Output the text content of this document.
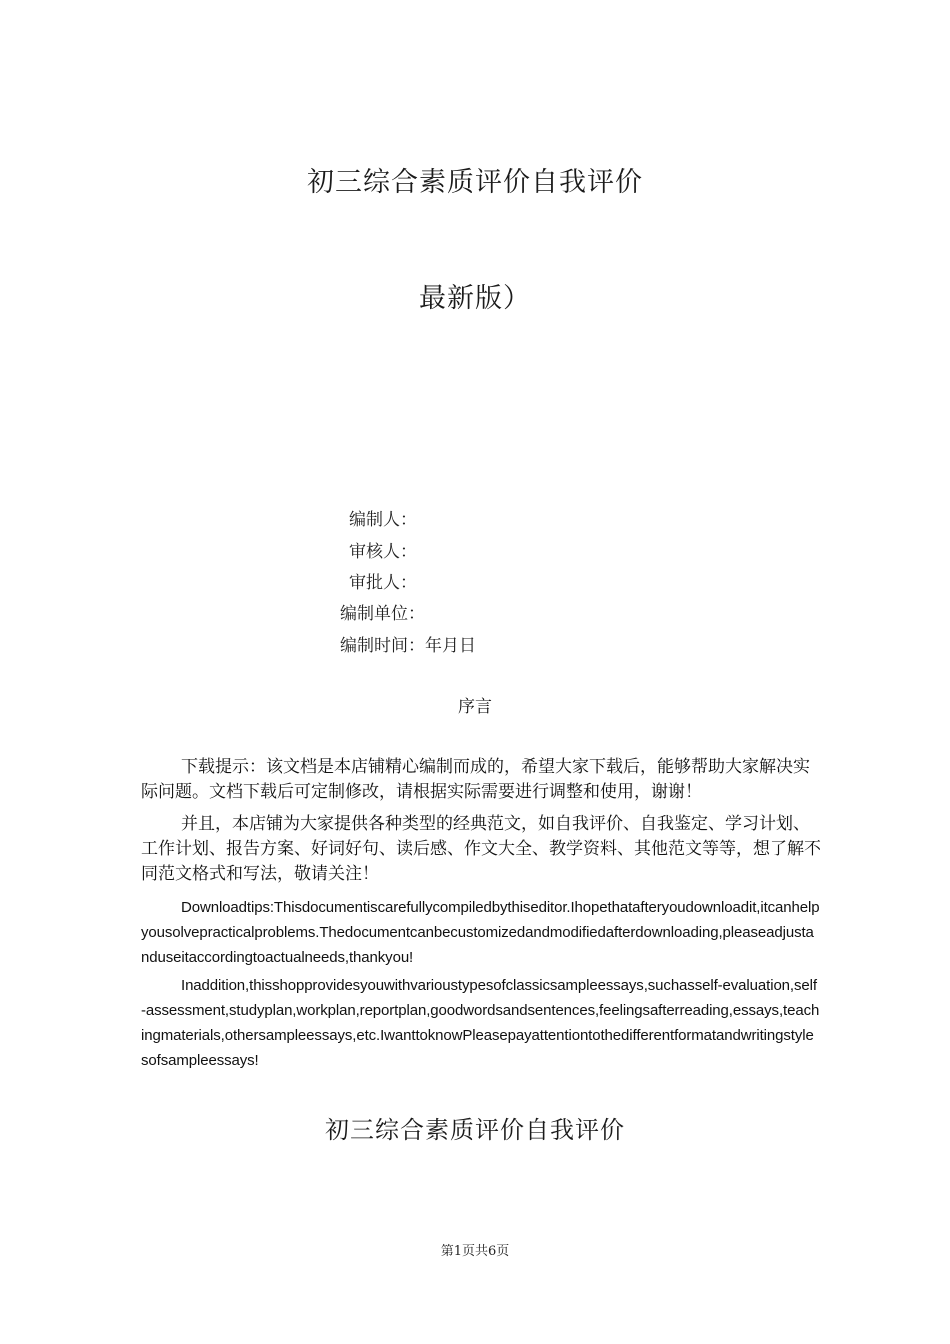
初三综合素质评价自我评价
最新版）
编制人：
审核人：
审批人：
编制单位：
编制时间：年月日
序言

下载提示：该文档是本店铺精心编制而成的，希望大家下载后，能够帮助大家解决实际问题。文档下载后可定制修改，请根据实际需要进行调整和使用，谢谢！

并且，本店铺为大家提供各种类型的经典范文，如自我评价、自我鉴定、学习计划、工作计划、报告方案、好词好句、读后感、作文大全、教学资料、其他范文等等，想了解不同范文格式和写法，敬请关注！

Downloadtips:Thisdocumentiscarefullycompiledbythiseditor.Ihopethatafteryoudownloadit,itcanhelpyousolvepracticalproblems.Thedocumentcanbecustomizedandmodifiedafterdownloading,pleaseadjustanduseitaccordingtoactualneeds,thankyou!

Inaddition,thisshopprovidesyouwithvarioustypesofclassicsampleessays,suchasself-evaluation,self-assessment,studyplan,workplan,reportplan,goodwordsandsentences,feelingsafterreading,essays,teachingmaterials,othersampleessays,etc.IwanttoknowPleasepayattentiontothedifferentformatandwritingstylesofsampleessays!

初三综合素质评价自我评价
第1页共6页
